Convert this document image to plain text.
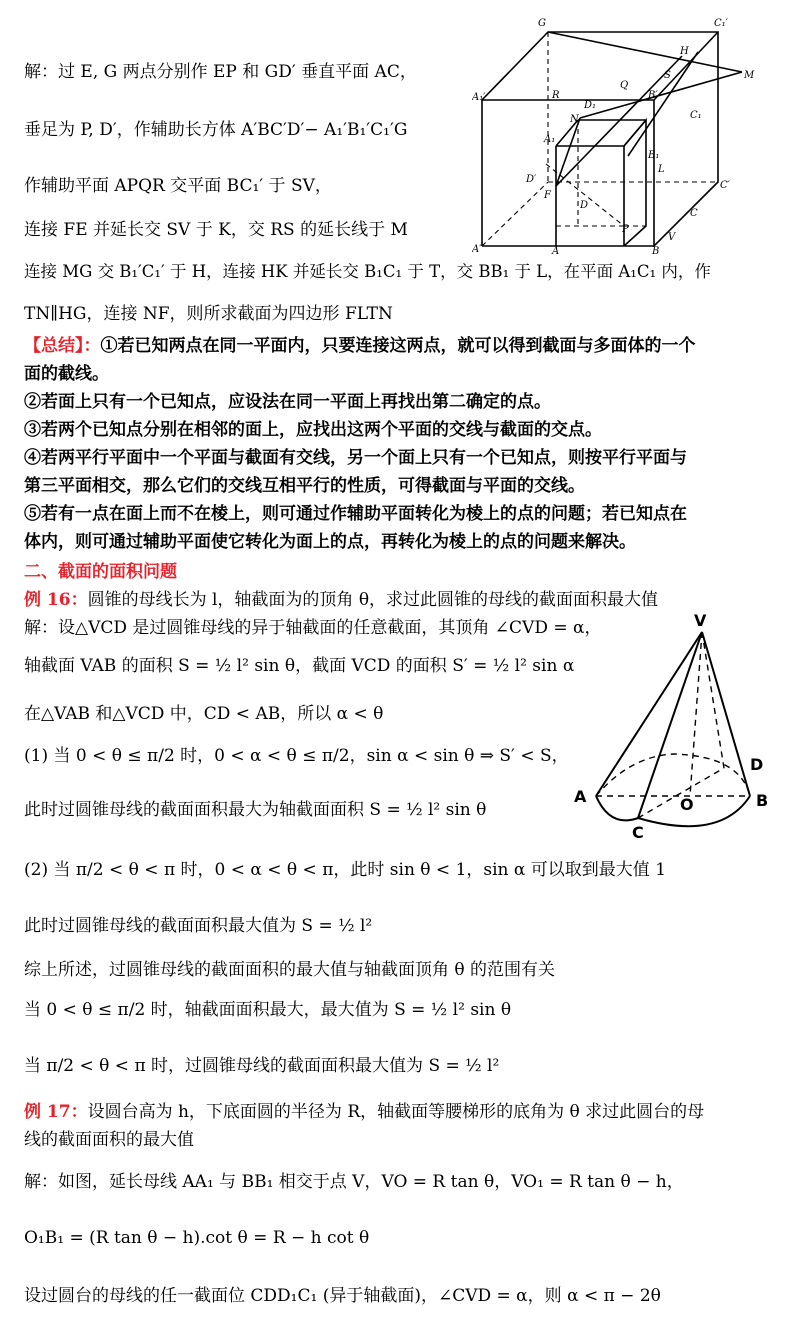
解：过 E, G 两点分别作 EP 和 GD′ 垂直平面 AC，
垂足为 P, D′，作辅助长方体 A′BC′D′− A₁′B₁′C₁′G
作辅助平面 APQR 交平面 BC₁′ 于 SV，
连接 FE 并延长交 SV 于 K，交 RS 的延长线于 M
连接 MG 交 B₁′C₁′ 于 H，连接 HK 并延长交 B₁C₁ 于 T，交 BB₁ 于 L，在平面 A₁C₁ 内，作
TN∥HG，连接 NF，则所求截面为四边形 FLTN
G	C₁′
H
M
A₁′	R
Q
S
B′
D₁
C₁
N
A₁
B₁
D′
F
L
C′
D
C
P
V
A′	A	B
【总结】：①若已知两点在同一平面内，只要连接这两点，就可以得到截面与多面体的一个
面的截线。
②若面上只有一个已知点，应设法在同一平面上再找出第二确定的点。
③若两个已知点分别在相邻的面上，应找出这两个平面的交线与截面的交点。
④若两平行平面中一个平面与截面有交线，另一个面上只有一个已知点，则按平行平面与
第三平面相交，那么它们的交线互相平行的性质，可得截面与平面的交线。
⑤若有一点在面上而不在棱上，则可通过作辅助平面转化为棱上的点的问题；若已知点在
体内，则可通过辅助平面使它转化为面上的点，再转化为棱上的点的问题来解决。
二、截面的面积问题
例 16：圆锥的母线长为 l，轴截面为的顶角 θ，求过此圆锥的母线的截面面积最大值
解：设△VCD 是过圆锥母线的异于轴截面的任意截面，其顶角 ∠CVD = α，
轴截面 VAB 的面积 S = ½ l² sin θ，截面 VCD 的面积 S′ = ½ l² sin α
在△VAB 和△VCD 中，CD < AB，所以 α < θ
(1) 当 0 < θ ≤ π/2 时，0 < α < θ ≤ π/2，sin α < sin θ ⇒ S′ < S，
此时过圆锥母线的截面面积最大为轴截面面积 S = ½ l² sin θ
(2) 当 π/2 < θ < π 时，0 < α < θ < π，此时 sin θ < 1，sin α 可以取到最大值 1
此时过圆锥母线的截面面积最大值为 S = ½ l²
综上所述，过圆锥母线的截面面积的最大值与轴截面顶角 θ 的范围有关
当 0 < θ ≤ π/2 时，轴截面面积最大，最大值为 S = ½ l² sin θ
当 π/2 < θ < π 时，过圆锥母线的截面面积最大值为 S = ½ l²
V
A	B
O
D
C
例 17：设圆台高为 h，下底面圆的半径为 R，轴截面等腰梯形的底角为 θ 求过此圆台的母
线的截面面积的最大值
解：如图，延长母线 AA₁ 与 BB₁ 相交于点 V，VO = R tan θ，VO₁ = R tan θ − h，
O₁B₁ = (R tan θ − h).cot θ = R − h cot θ
设过圆台的母线的任一截面位 CDD₁C₁ (异于轴截面)，∠CVD = α，则 α < π − 2θ
